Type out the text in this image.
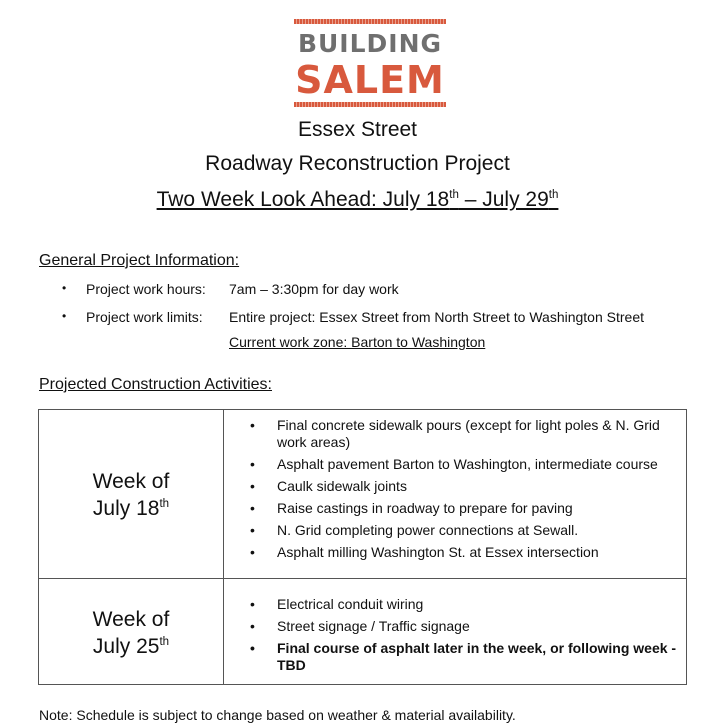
BUILDING
SALEM
Essex Street
Roadway Reconstruction Project
Two Week Look Ahead: July 18th – July 29th
General Project Information:
• Project work hours: 7am – 3:30pm for day work
• Project work limits: Entire project: Essex Street from North Street to Washington Street
Current work zone: Barton to Washington
Projected Construction Activities:
Week of
July 18th
• Final concrete sidewalk pours (except for light poles & N. Grid work areas)
• Asphalt pavement Barton to Washington, intermediate course
• Caulk sidewalk joints
• Raise castings in roadway to prepare for paving
• N. Grid completing power connections at Sewall.
• Asphalt milling Washington St. at Essex intersection
Week of
July 25th
• Electrical conduit wiring
• Street signage / Traffic signage
• Final course of asphalt later in the week, or following week - TBD
Note: Schedule is subject to change based on weather & material availability.
